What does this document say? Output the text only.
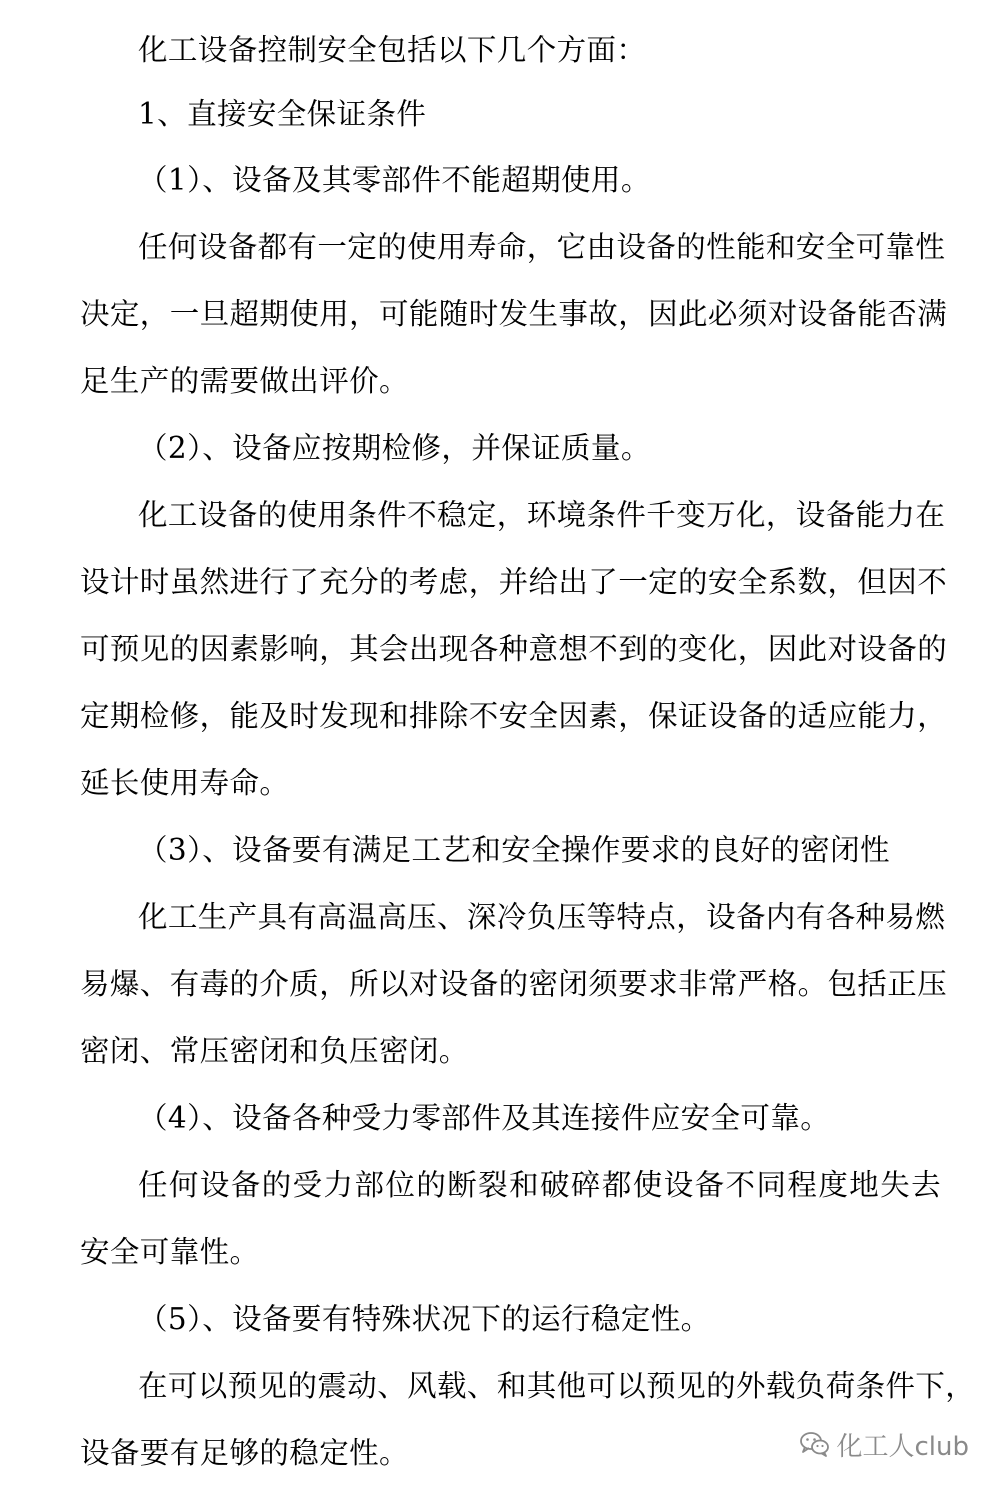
化工设备控制安全包括以下几个方面：
1、直接安全保证条件
（1）、设备及其零部件不能超期使用。
任何设备都有一定的使用寿命，它由设备的性能和安全可靠性
决定，一旦超期使用，可能随时发生事故，因此必须对设备能否满
足生产的需要做出评价。
（2）、设备应按期检修，并保证质量。
化工设备的使用条件不稳定，环境条件千变万化，设备能力在
设计时虽然进行了充分的考虑，并给出了一定的安全系数，但因不
可预见的因素影响，其会出现各种意想不到的变化，因此对设备的
定期检修，能及时发现和排除不安全因素，保证设备的适应能力，
延长使用寿命。
（3）、设备要有满足工艺和安全操作要求的良好的密闭性
化工生产具有高温高压、深冷负压等特点，设备内有各种易燃
易爆、有毒的介质，所以对设备的密闭须要求非常严格。包括正压
密闭、常压密闭和负压密闭。
（4）、设备各种受力零部件及其连接件应安全可靠。
任何设备的受力部位的断裂和破碎都使设备不同程度地失去
安全可靠性。
（5）、设备要有特殊状况下的运行稳定性。
在可以预见的震动、风载、和其他可以预见的外载负荷条件下，
设备要有足够的稳定性。	化工人club
